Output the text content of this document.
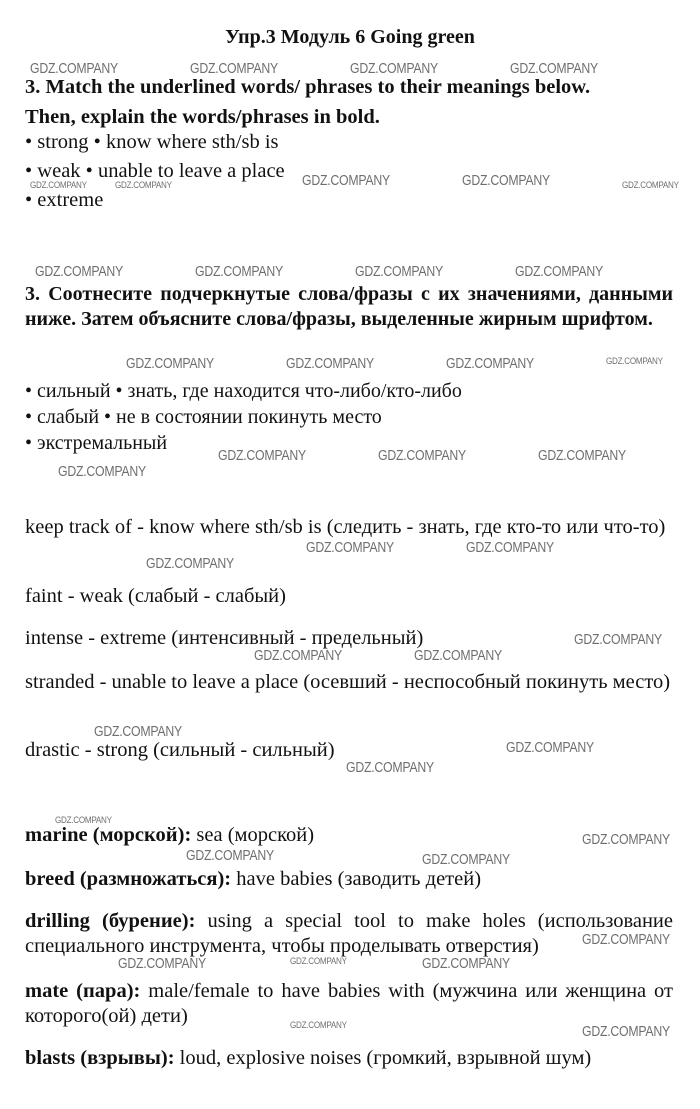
Упр.3 Модуль 6 Going green
3. Match the underlined words/ phrases to their meanings below.
Then, explain the words/phrases in bold.
• strong • know where sth/sb is
• weak • unable to leave a place
• extreme
3. Соотнесите подчеркнутые слова/фразы с их значениями, данными ниже. Затем объясните слова/фразы, выделенные жирным шрифтом.
• сильный • знать, где находится что-либо/кто-либо
• слабый • не в состоянии покинуть место
• экстремальный
keep track of - know where sth/sb is (следить - знать, где кто-то или что-то)
faint - weak (слабый - слабый)
intense - extreme (интенсивный - предельный)
stranded - unable to leave a place (осевший - неспособный покинуть место)
drastic - strong (сильный - сильный)
marine (морской): sea (морской)
breed (размножаться): have babies (заводить детей)
drilling (бурение): using a special tool to make holes (использование специального инструмента, чтобы проделывать отверстия)
mate (пара): male/female to have babies with (мужчина или женщина от которого(ой) дети)
blasts (взрывы): loud, explosive noises (громкий, взрывной шум)
GDZ.COMPANY	GDZ.COMPANY	GDZ.COMPANY	GDZ.COMPANY
GDZ.COMPANY	GDZ.COMPANY
GDZ.COMPANY	GDZ.COMPANY	GDZ.COMPANY
GDZ.COMPANY	GDZ.COMPANY	GDZ.COMPANY	GDZ.COMPANY
GDZ.COMPANY	GDZ.COMPANY	GDZ.COMPANY	GDZ.COMPANY
GDZ.COMPANY	GDZ.COMPANY	GDZ.COMPANY
GDZ.COMPANY
GDZ.COMPANY	GDZ.COMPANY
GDZ.COMPANY
GDZ.COMPANY
GDZ.COMPANY	GDZ.COMPANY
GDZ.COMPANY
GDZ.COMPANY
GDZ.COMPANY
GDZ.COMPANY
GDZ.COMPANY
GDZ.COMPANY	GDZ.COMPANY
GDZ.COMPANY
GDZ.COMPANY	GDZ.COMPANY	GDZ.COMPANY
GDZ.COMPANY	GDZ.COMPANY
